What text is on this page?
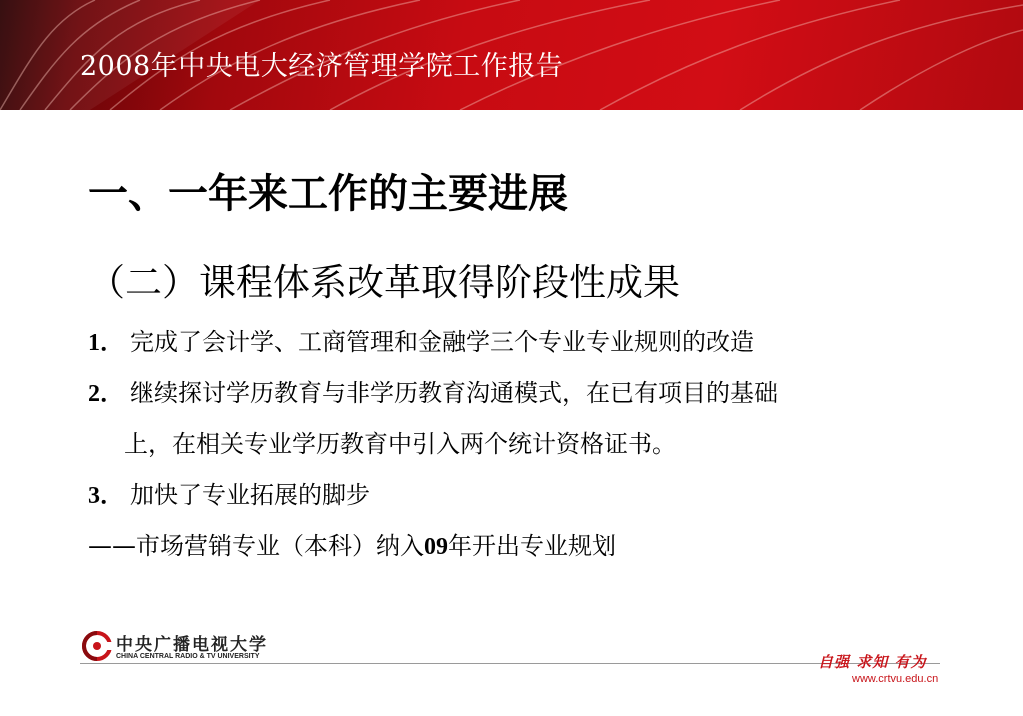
2008年中央电大经济管理学院工作报告
一、一年来工作的主要进展
（二）课程体系改革取得阶段性成果
1． 完成了会计学、工商管理和金融学三个专业专业规则的改造
2． 继续探讨学历教育与非学历教育沟通模式，在已有项目的基础
上，在相关专业学历教育中引入两个统计资格证书。
3． 加快了专业拓展的脚步
——市场营销专业（本科）纳入09年开出专业规划
中央广播电视大学
CHINA CENTRAL RADIO & TV UNIVERSITY	自强 求知 有为
www.crtvu.edu.cn
